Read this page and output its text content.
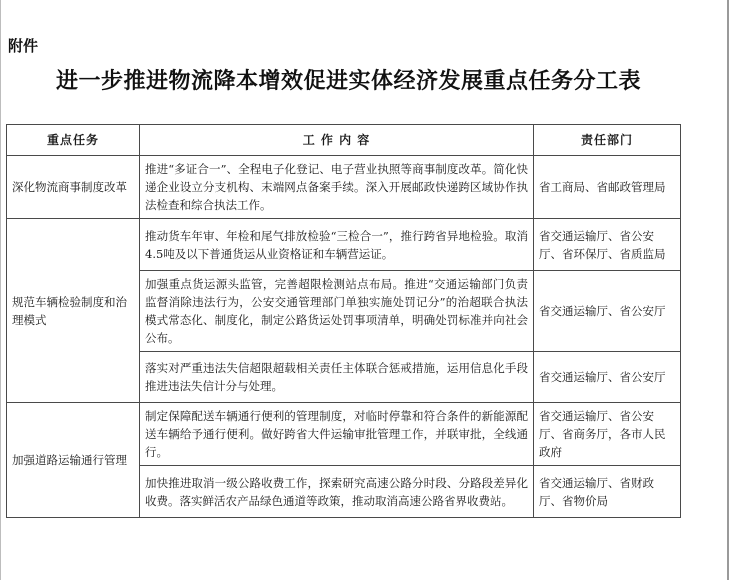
附件
进一步推进物流降本增效促进实体经济发展重点任务分工表
重点任务	工 作 内 容	责任部门
深化物流商事制度改革	推进“多证合一”、全程电子化登记、电子营业执照等商事制度改革。简化快递企业设立分支机构、末端网点备案手续。深入开展邮政快递跨区域协作执法检查和综合执法工作。	省工商局、省邮政管理局
规范车辆检验制度和治理模式	推动货车年审、年检和尾气排放检验“三检合一”，推行跨省异地检验。取消4.5吨及以下普通货运从业资格证和车辆营运证。	省交通运输厅、省公安厅、省环保厅、省质监局
	加强重点货运源头监管，完善超限检测站点布局。推进“交通运输部门负责监督消除违法行为，公安交通管理部门单独实施处罚记分”的治超联合执法模式常态化、制度化，制定公路货运处罚事项清单，明确处罚标准并向社会公布。	省交通运输厅、省公安厅
	落实对严重违法失信超限超载相关责任主体联合惩戒措施，运用信息化手段推进违法失信计分与处理。	省交通运输厅、省公安厅
加强道路运输通行管理	制定保障配送车辆通行便利的管理制度，对临时停靠和符合条件的新能源配送车辆给予通行便利。做好跨省大件运输审批管理工作，并联审批，全线通行。	省交通运输厅、省公安厅、省商务厅，各市人民政府
	加快推进取消一级公路收费工作，探索研究高速公路分时段、分路段差异化收费。落实鲜活农产品绿色通道等政策，推动取消高速公路省界收费站。	省交通运输厅、省财政厅、省物价局
